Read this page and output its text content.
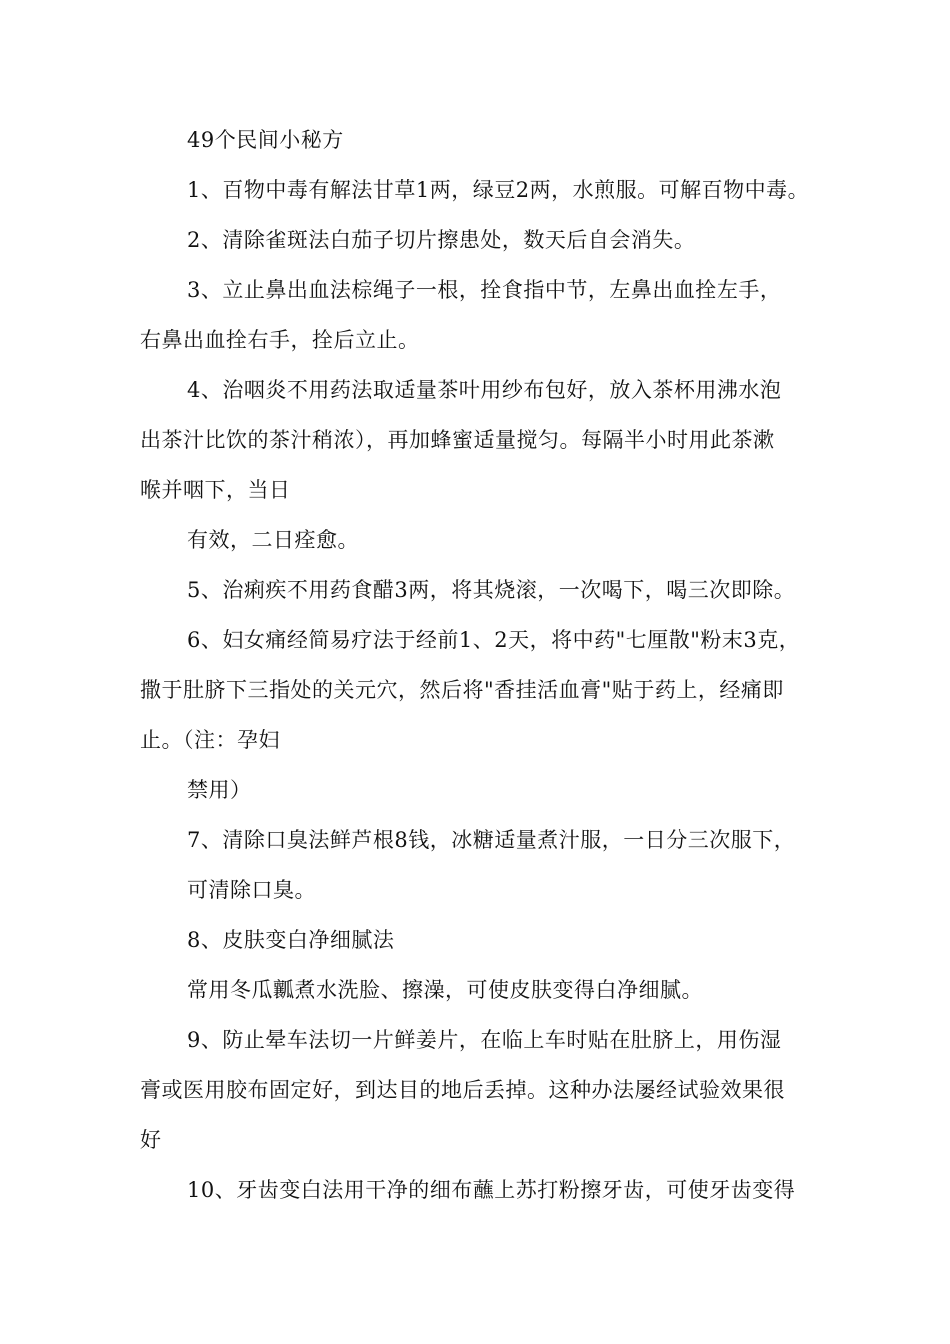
49个民间小秘方
1、百物中毒有解法甘草1两，绿豆2两，水煎服。可解百物中毒。
2、清除雀斑法白茄子切片擦患处，数天后自会消失。
3、立止鼻出血法棕绳子一根，拴食指中节，左鼻出血拴左手，
右鼻出血拴右手，拴后立止。
4、治咽炎不用药法取适量茶叶用纱布包好，放入茶杯用沸水泡
出茶汁比饮的茶汁稍浓），再加蜂蜜适量搅匀。每隔半小时用此茶漱
喉并咽下，当日
有效，二日痊愈。
5、治痢疾不用药食醋3两，将其烧滚，一次喝下，喝三次即除。
6、妇女痛经简易疗法于经前1、2天，将中药"七厘散"粉末3克，
撒于肚脐下三指处的关元穴，然后将"香挂活血膏"贴于药上，经痛即
止。（注：孕妇
禁用）
7、清除口臭法鲜芦根8钱，冰糖适量煮汁服，一日分三次服下，
可清除口臭。
8、皮肤变白净细腻法
常用冬瓜瓤煮水洗脸、擦澡，可使皮肤变得白净细腻。
9、防止晕车法切一片鲜姜片，在临上车时贴在肚脐上，用伤湿
膏或医用胶布固定好，到达目的地后丢掉。这种办法屡经试验效果很
好
10、牙齿变白法用干净的细布蘸上苏打粉擦牙齿，可使牙齿变得
